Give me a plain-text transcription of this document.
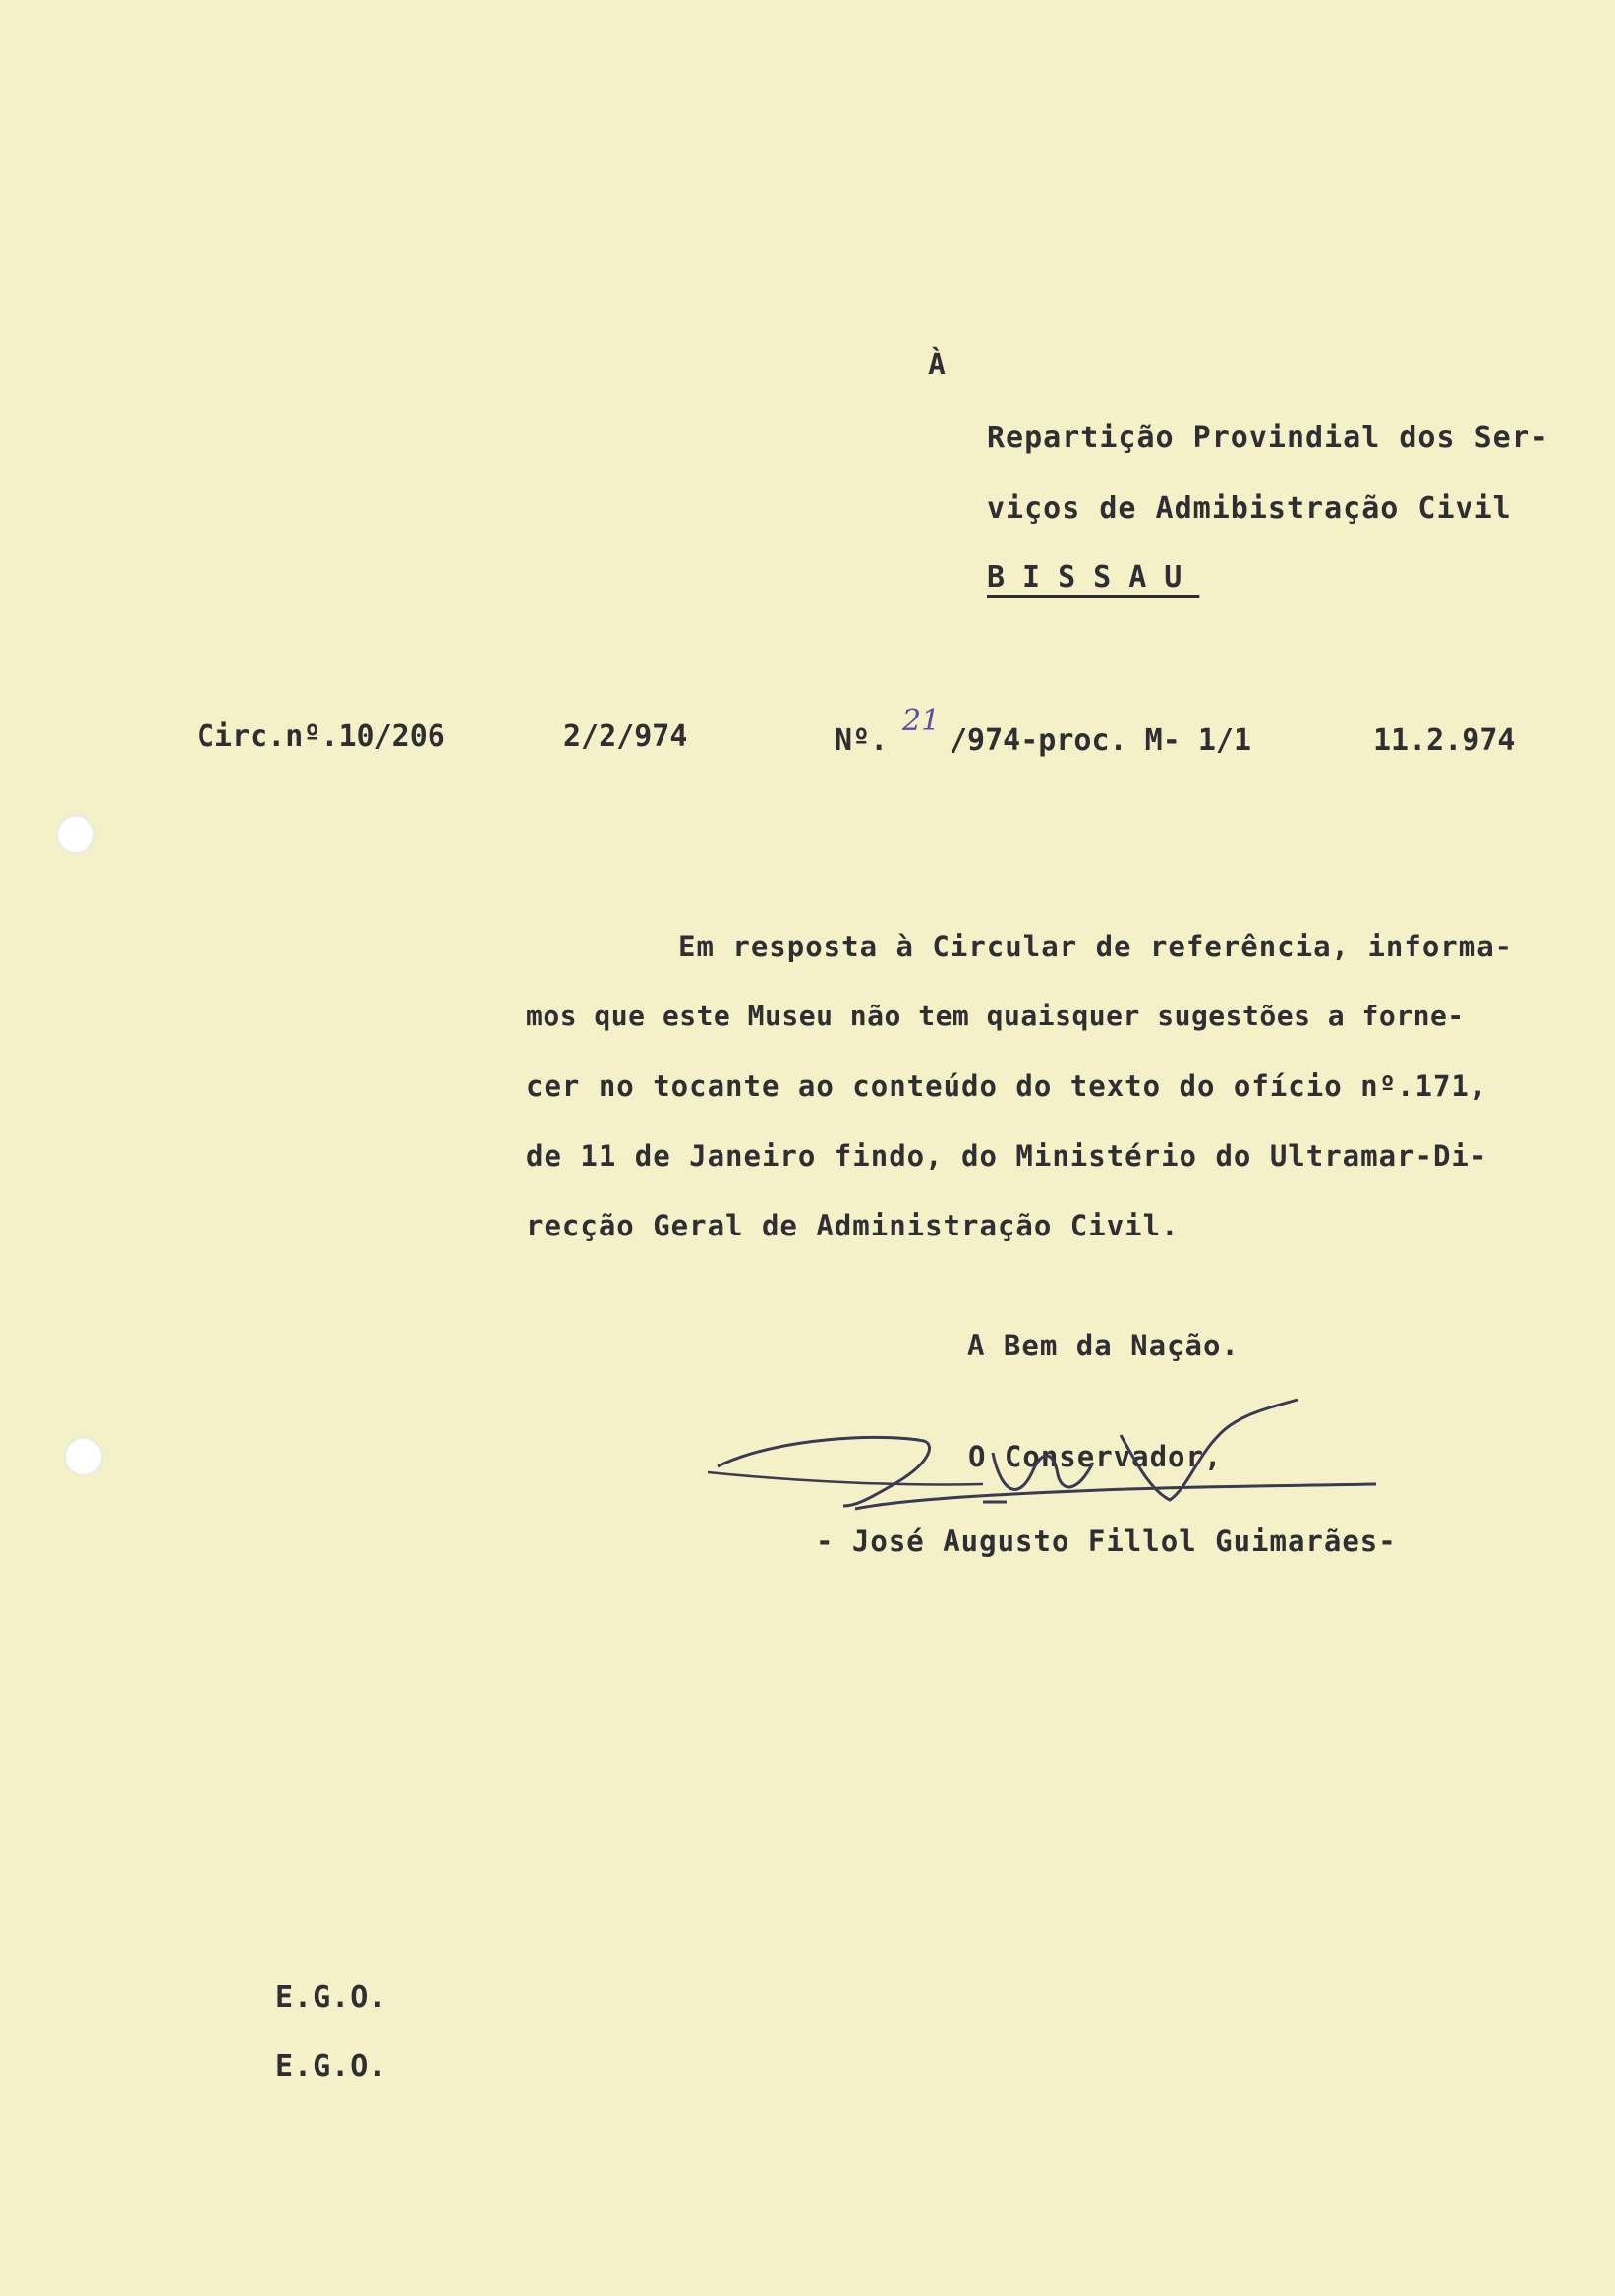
À
Repartição Provindial dos Ser-
viços de Admibistração Civil
BISSAU
Circ.nº.10/206	2/2/974	Nº.
21
/974-proc. M- 1/1	11.2.974
Em resposta à Circular de referência, informa-
mos que este Museu não tem quaisquer sugestões a forne-
cer no tocante ao conteúdo do texto do ofício nº.171,
de 11 de Janeiro findo, do Ministério do Ultramar-Di-
recção Geral de Administração Civil.
A Bem da Nação.
O Conservador,
- José Augusto Fillol Guimarães-
E.G.O.
E.G.O.
